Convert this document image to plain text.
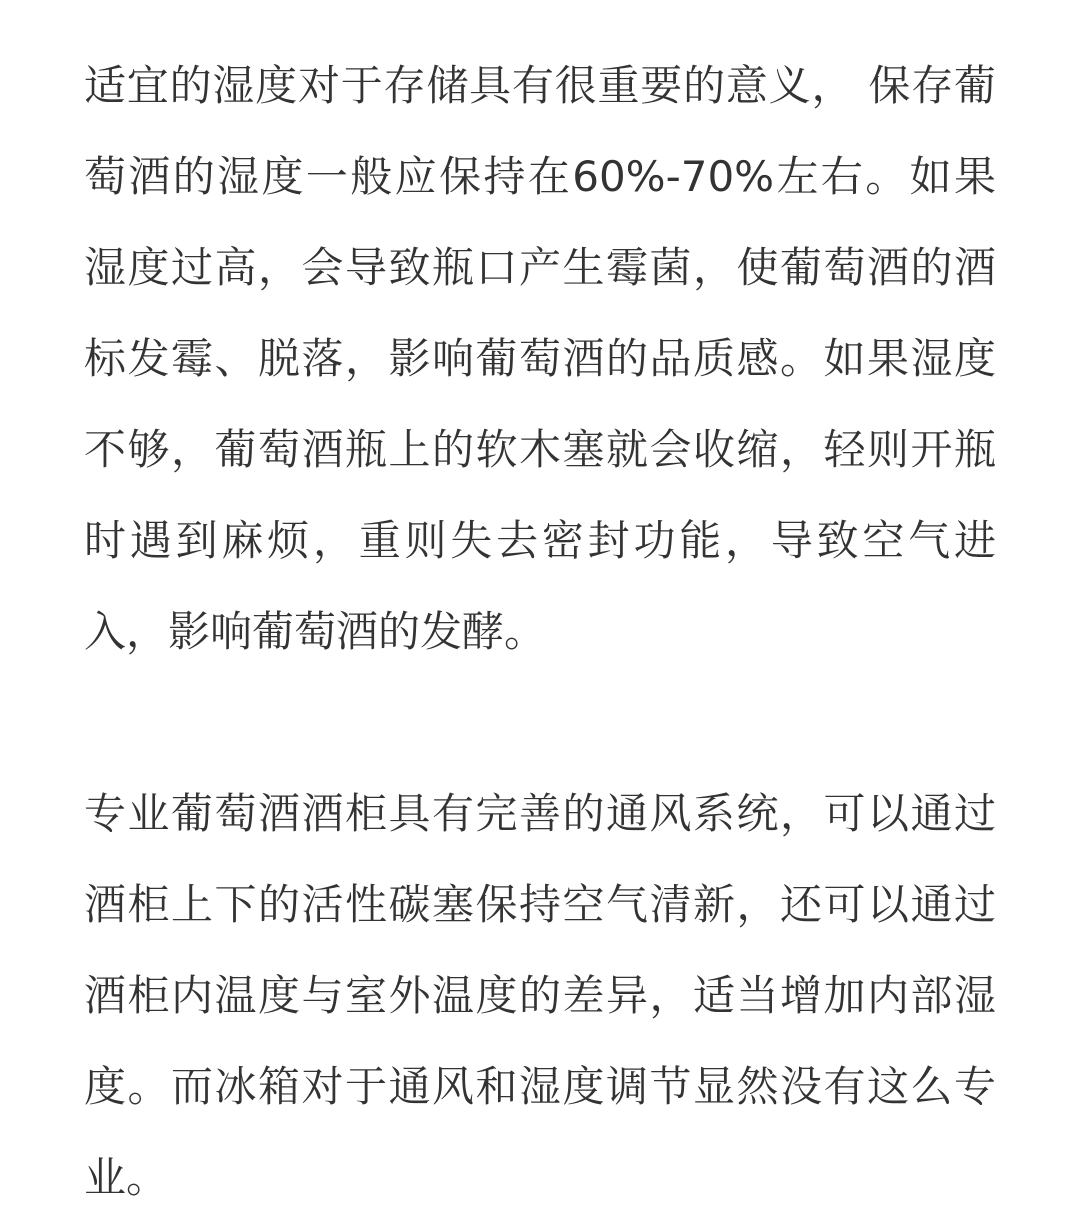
适宜的湿度对于存储具有很重要的意义， 保存葡
萄酒的湿度一般应保持在60%-70%左右。如果
湿度过高，会导致瓶口产生霉菌，使葡萄酒的酒
标发霉、脱落，影响葡萄酒的品质感。如果湿度
不够，葡萄酒瓶上的软木塞就会收缩，轻则开瓶
时遇到麻烦，重则失去密封功能，导致空气进
入，影响葡萄酒的发酵。

专业葡萄酒酒柜具有完善的通风系统，可以通过
酒柜上下的活性碳塞保持空气清新，还可以通过
酒柜内温度与室外温度的差异，适当增加内部湿
度。而冰箱对于通风和湿度调节显然没有这么专
业。
